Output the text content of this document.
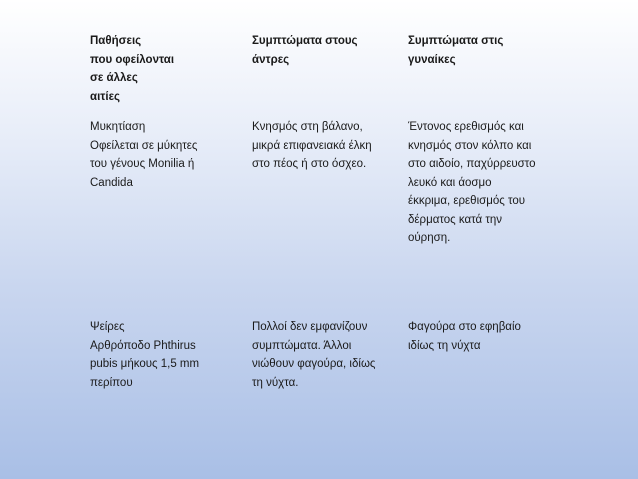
Παθήσεις
που οφείλονται
σε άλλες
αιτίες
Συμπτώματα στους
άντρες
Συμπτώματα στις
γυναίκες
Μυκητίαση
Οφείλεται σε μύκητες
του γένους Monilia ή
Candida
Κνησμός στη βάλανο,
μικρά επιφανειακά έλκη
στο πέος ή στο όσχεο.
Έντονος ερεθισμός και
κνησμός στον κόλπο και
στο αιδοίο, παχύρρευστο
λευκό και άοσμο
έκκριμα, ερεθισμός του
δέρματος κατά την
ούρηση.
Ψείρες
Αρθρόποδο Phthirus
pubis μήκους 1,5 mm
περίπου
Πολλοί δεν εμφανίζουν
συμπτώματα. Άλλοι
νιώθουν φαγούρα, ιδίως
τη νύχτα.
Φαγούρα στο εφηβαίο
ιδίως τη νύχτα
